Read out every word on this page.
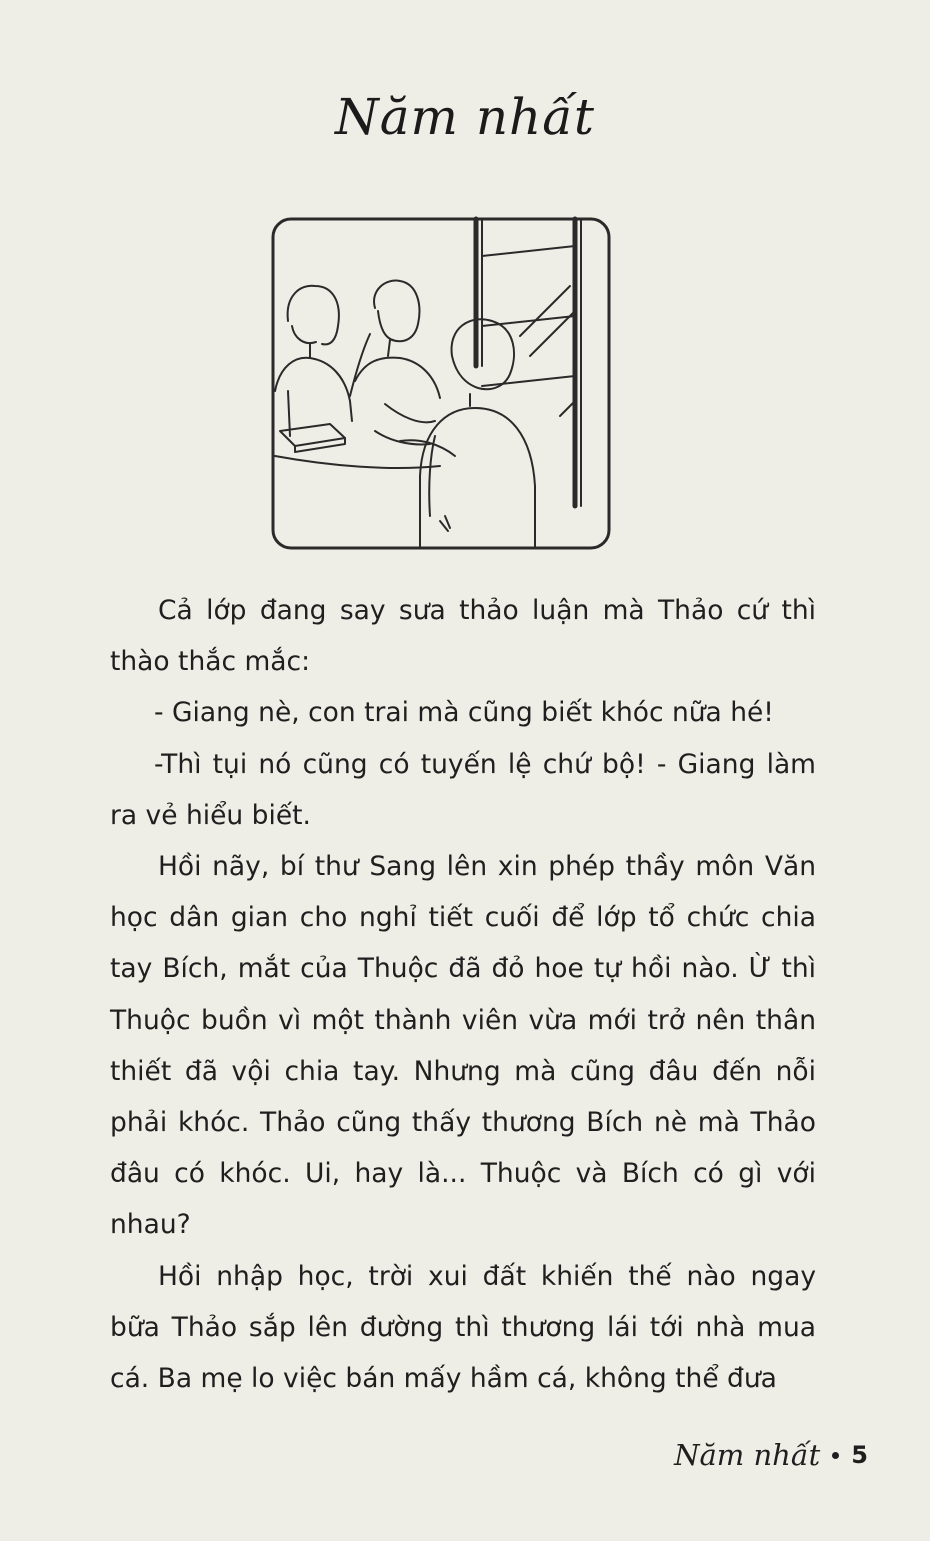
Năm nhất

Cả lớp đang say sưa thảo luận mà Thảo cứ thì thào thắc mắc:

- Giang nè, con trai mà cũng biết khóc nữa hé!

-Thì tụi nó cũng có tuyến lệ chứ bộ! - Giang làm ra vẻ hiểu biết.

Hồi nãy, bí thư Sang lên xin phép thầy môn Văn học dân gian cho nghỉ tiết cuối để lớp tổ chức chia tay Bích, mắt của Thuộc đã đỏ hoe tự hồi nào. Ừ thì Thuộc buồn vì một thành viên vừa mới trở nên thân thiết đã vội chia tay. Nhưng mà cũng đâu đến nỗi phải khóc. Thảo cũng thấy thương Bích nè mà Thảo đâu có khóc. Ui, hay là... Thuộc và Bích có gì với nhau?

Hồi nhập học, trời xui đất khiến thế nào ngay bữa Thảo sắp lên đường thì thương lái tới nhà mua cá. Ba mẹ lo việc bán mấy hầm cá, không thể đưa

Năm nhất 5
